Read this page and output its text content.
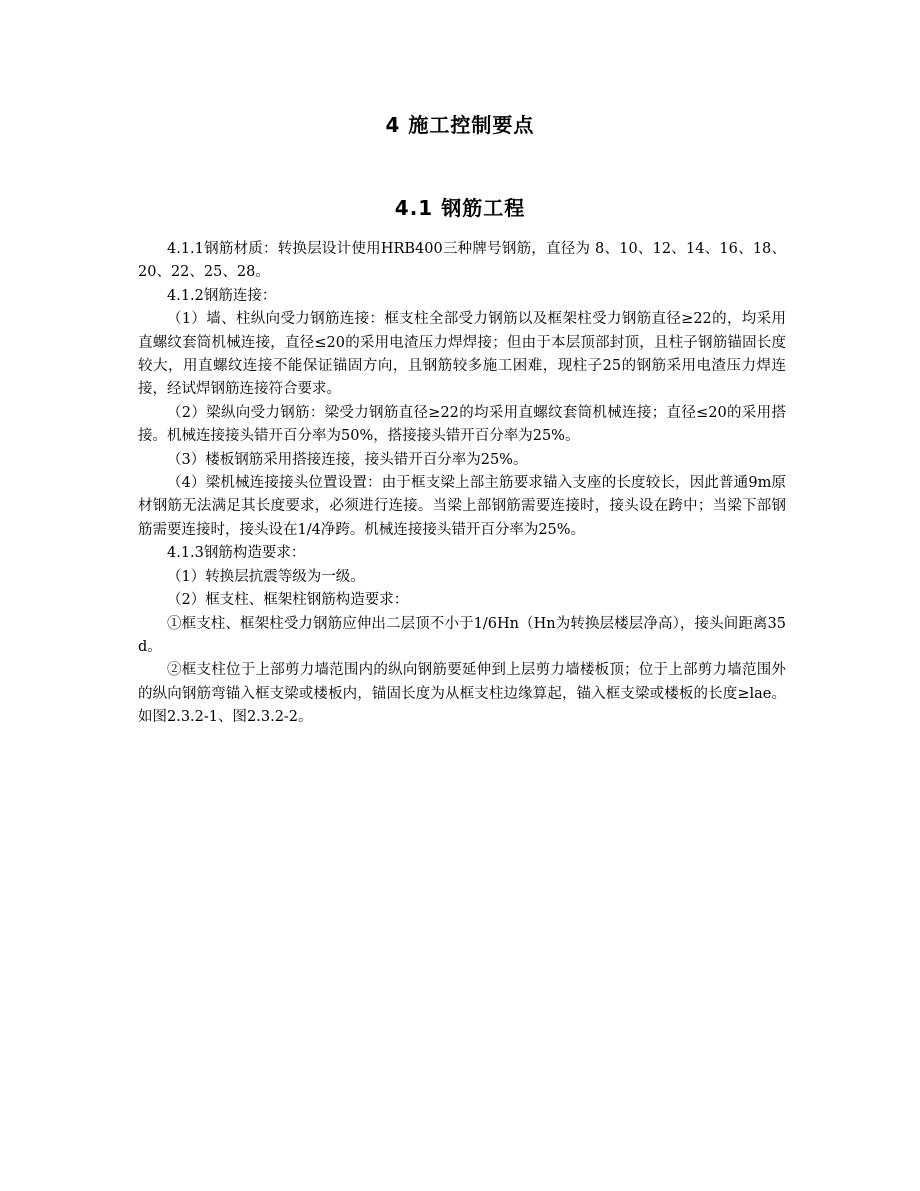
4 施工控制要点
4.1 钢筋工程

4.1.1钢筋材质：转换层设计使用HRB400三种牌号钢筋，直径为 8、10、12、14、16、18、20、22、25、28。

4.1.2钢筋连接：

（1）墙、柱纵向受力钢筋连接：框支柱全部受力钢筋以及框架柱受力钢筋直径≥22的，均采用直螺纹套筒机械连接，直径≤20的采用电渣压力焊焊接；但由于本层顶部封顶，且柱子钢筋锚固长度较大，用直螺纹连接不能保证锚固方向，且钢筋较多施工困难，现柱子25的钢筋采用电渣压力焊连接，经试焊钢筋连接符合要求。

（2）梁纵向受力钢筋：梁受力钢筋直径≥22的均采用直螺纹套筒机械连接；直径≤20的采用搭接。机械连接接头错开百分率为50%，搭接接头错开百分率为25%。

（3）楼板钢筋采用搭接连接，接头错开百分率为25%。

（4）梁机械连接接头位置设置：由于框支梁上部主筋要求锚入支座的长度较长，因此普通9m原材钢筋无法满足其长度要求，必须进行连接。当梁上部钢筋需要连接时，接头设在跨中；当梁下部钢筋需要连接时，接头设在1/4净跨。机械连接接头错开百分率为25%。

4.1.3钢筋构造要求：

（1）转换层抗震等级为一级。

（2）框支柱、框架柱钢筋构造要求：

①框支柱、框架柱受力钢筋应伸出二层顶不小于1/6Hn（Hn为转换层楼层净高），接头间距离35d。

②框支柱位于上部剪力墙范围内的纵向钢筋要延伸到上层剪力墙楼板顶；位于上部剪力墙范围外的纵向钢筋弯锚入框支梁或楼板内，锚固长度为从框支柱边缘算起，锚入框支梁或楼板的长度≥lae。如图2.3.2-1、图2.3.2-2。
